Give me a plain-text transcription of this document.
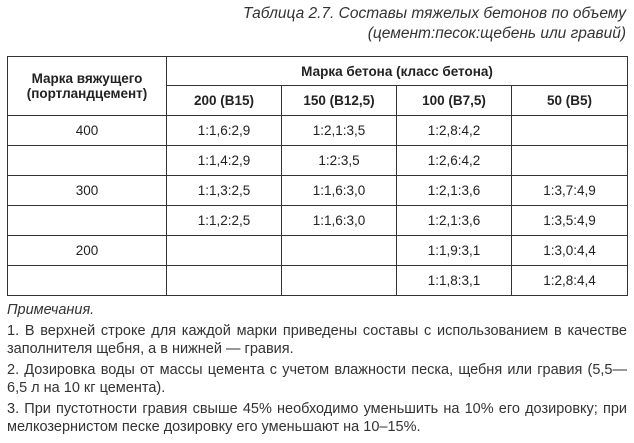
Таблица 2.7. Составы тяжелых бетонов по объему
(цемент:песок:щебень или гравий)
Марка вяжущего
(портландцемент)	Марка бетона (класс бетона)			
	200 (В15)	150 (В12,5)	100 (В7,5)	50 (В5)
400	1:1,6:2,9	1:2,1:3,5	1:2,8:4,2	
	1:1,4:2,9	1:2:3,5	1:2,6:4,2	
300	1:1,3:2,5	1:1,6:3,0	1:2,1:3,6	1:3,7:4,9
	1:1,2:2,5	1:1,6:3,0	1:2,1:3,6	1:3,5:4,9
200			1:1,9:3,1	1:3,0:4,4
			1:1,8:3,1	1:2,8:4,4
Примечания.
1. В верхней строке для каждой марки приведены составы с использованием в качестве заполнителя щебня, а в нижней — гравия.
2. Дозировка воды от массы цемента с учетом влажности песка, щебня или гравия (5,5—6,5 л на 10 кг цемента).
3. При пустотности гравия свыше 45% необходимо уменьшить на 10% его дозировку; при мелкозернистом песке дозировку его уменьшают на 10–15%.
